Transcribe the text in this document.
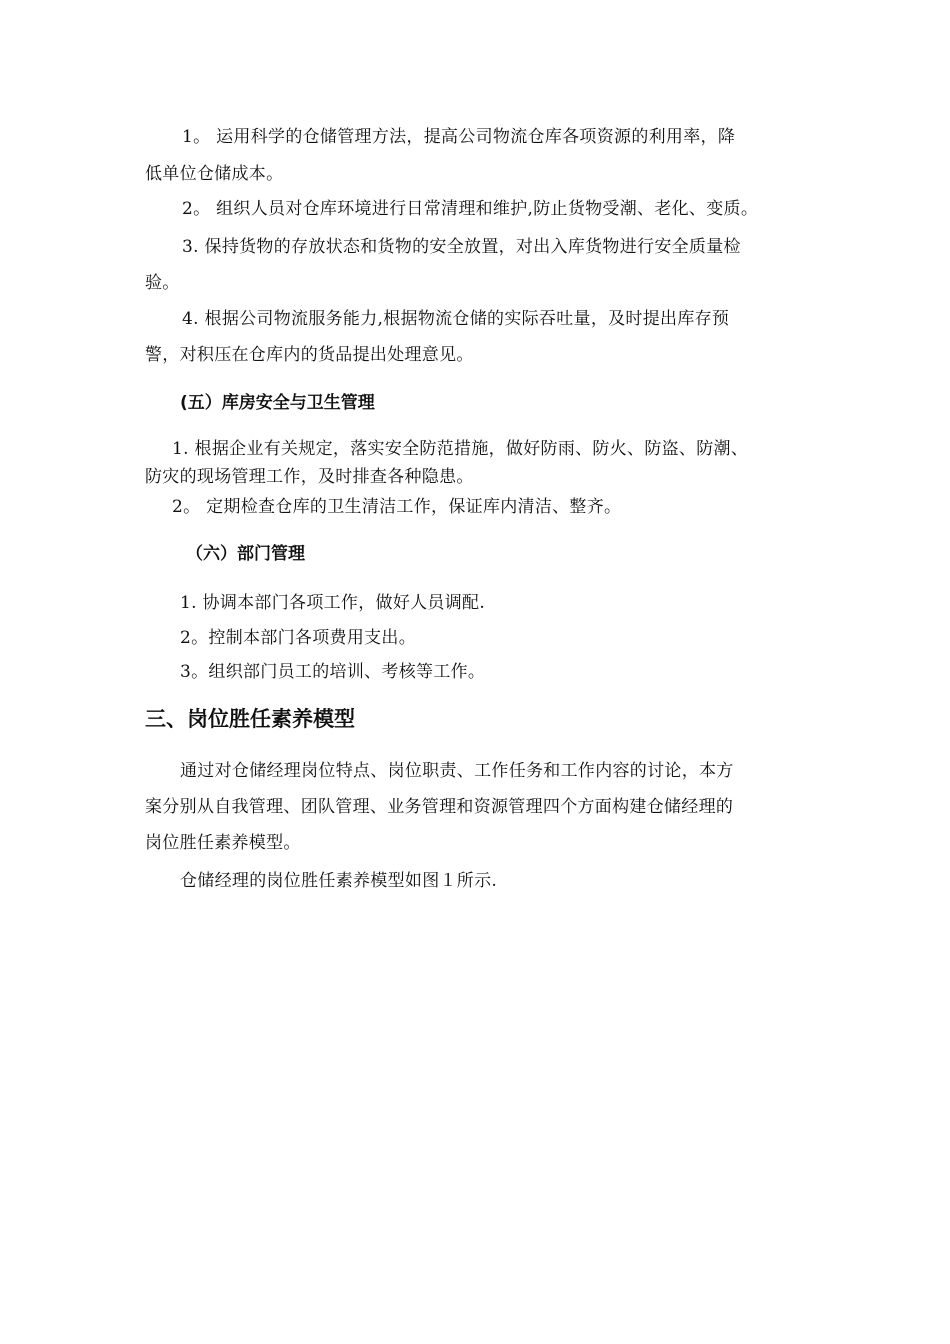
1。 运用科学的仓储管理方法，提高公司物流仓库各项资源的利用率，降
低单位仓储成本。
2。 组织人员对仓库环境进行日常清理和维护,防止货物受潮、老化、变质。
3. 保持货物的存放状态和货物的安全放置，对出入库货物进行安全质量检
验。
4. 根据公司物流服务能力,根据物流仓储的实际吞吐量，及时提出库存预
警，对积压在仓库内的货品提出处理意见。
(五）库房安全与卫生管理
1. 根据企业有关规定，落实安全防范措施，做好防雨、防火、防盗、防潮、
防灾的现场管理工作，及时排查各种隐患。
2。 定期检查仓库的卫生清洁工作，保证库内清洁、整齐。
（六）部门管理
1. 协调本部门各项工作，做好人员调配.
2。控制本部门各项费用支出。
3。组织部门员工的培训、考核等工作。
三、岗位胜任素养模型
通过对仓储经理岗位特点、岗位职责、工作任务和工作内容的讨论，本方
案分别从自我管理、团队管理、业务管理和资源管理四个方面构建仓储经理的
岗位胜任素养模型。
仓储经理的岗位胜任素养模型如图１所示.
